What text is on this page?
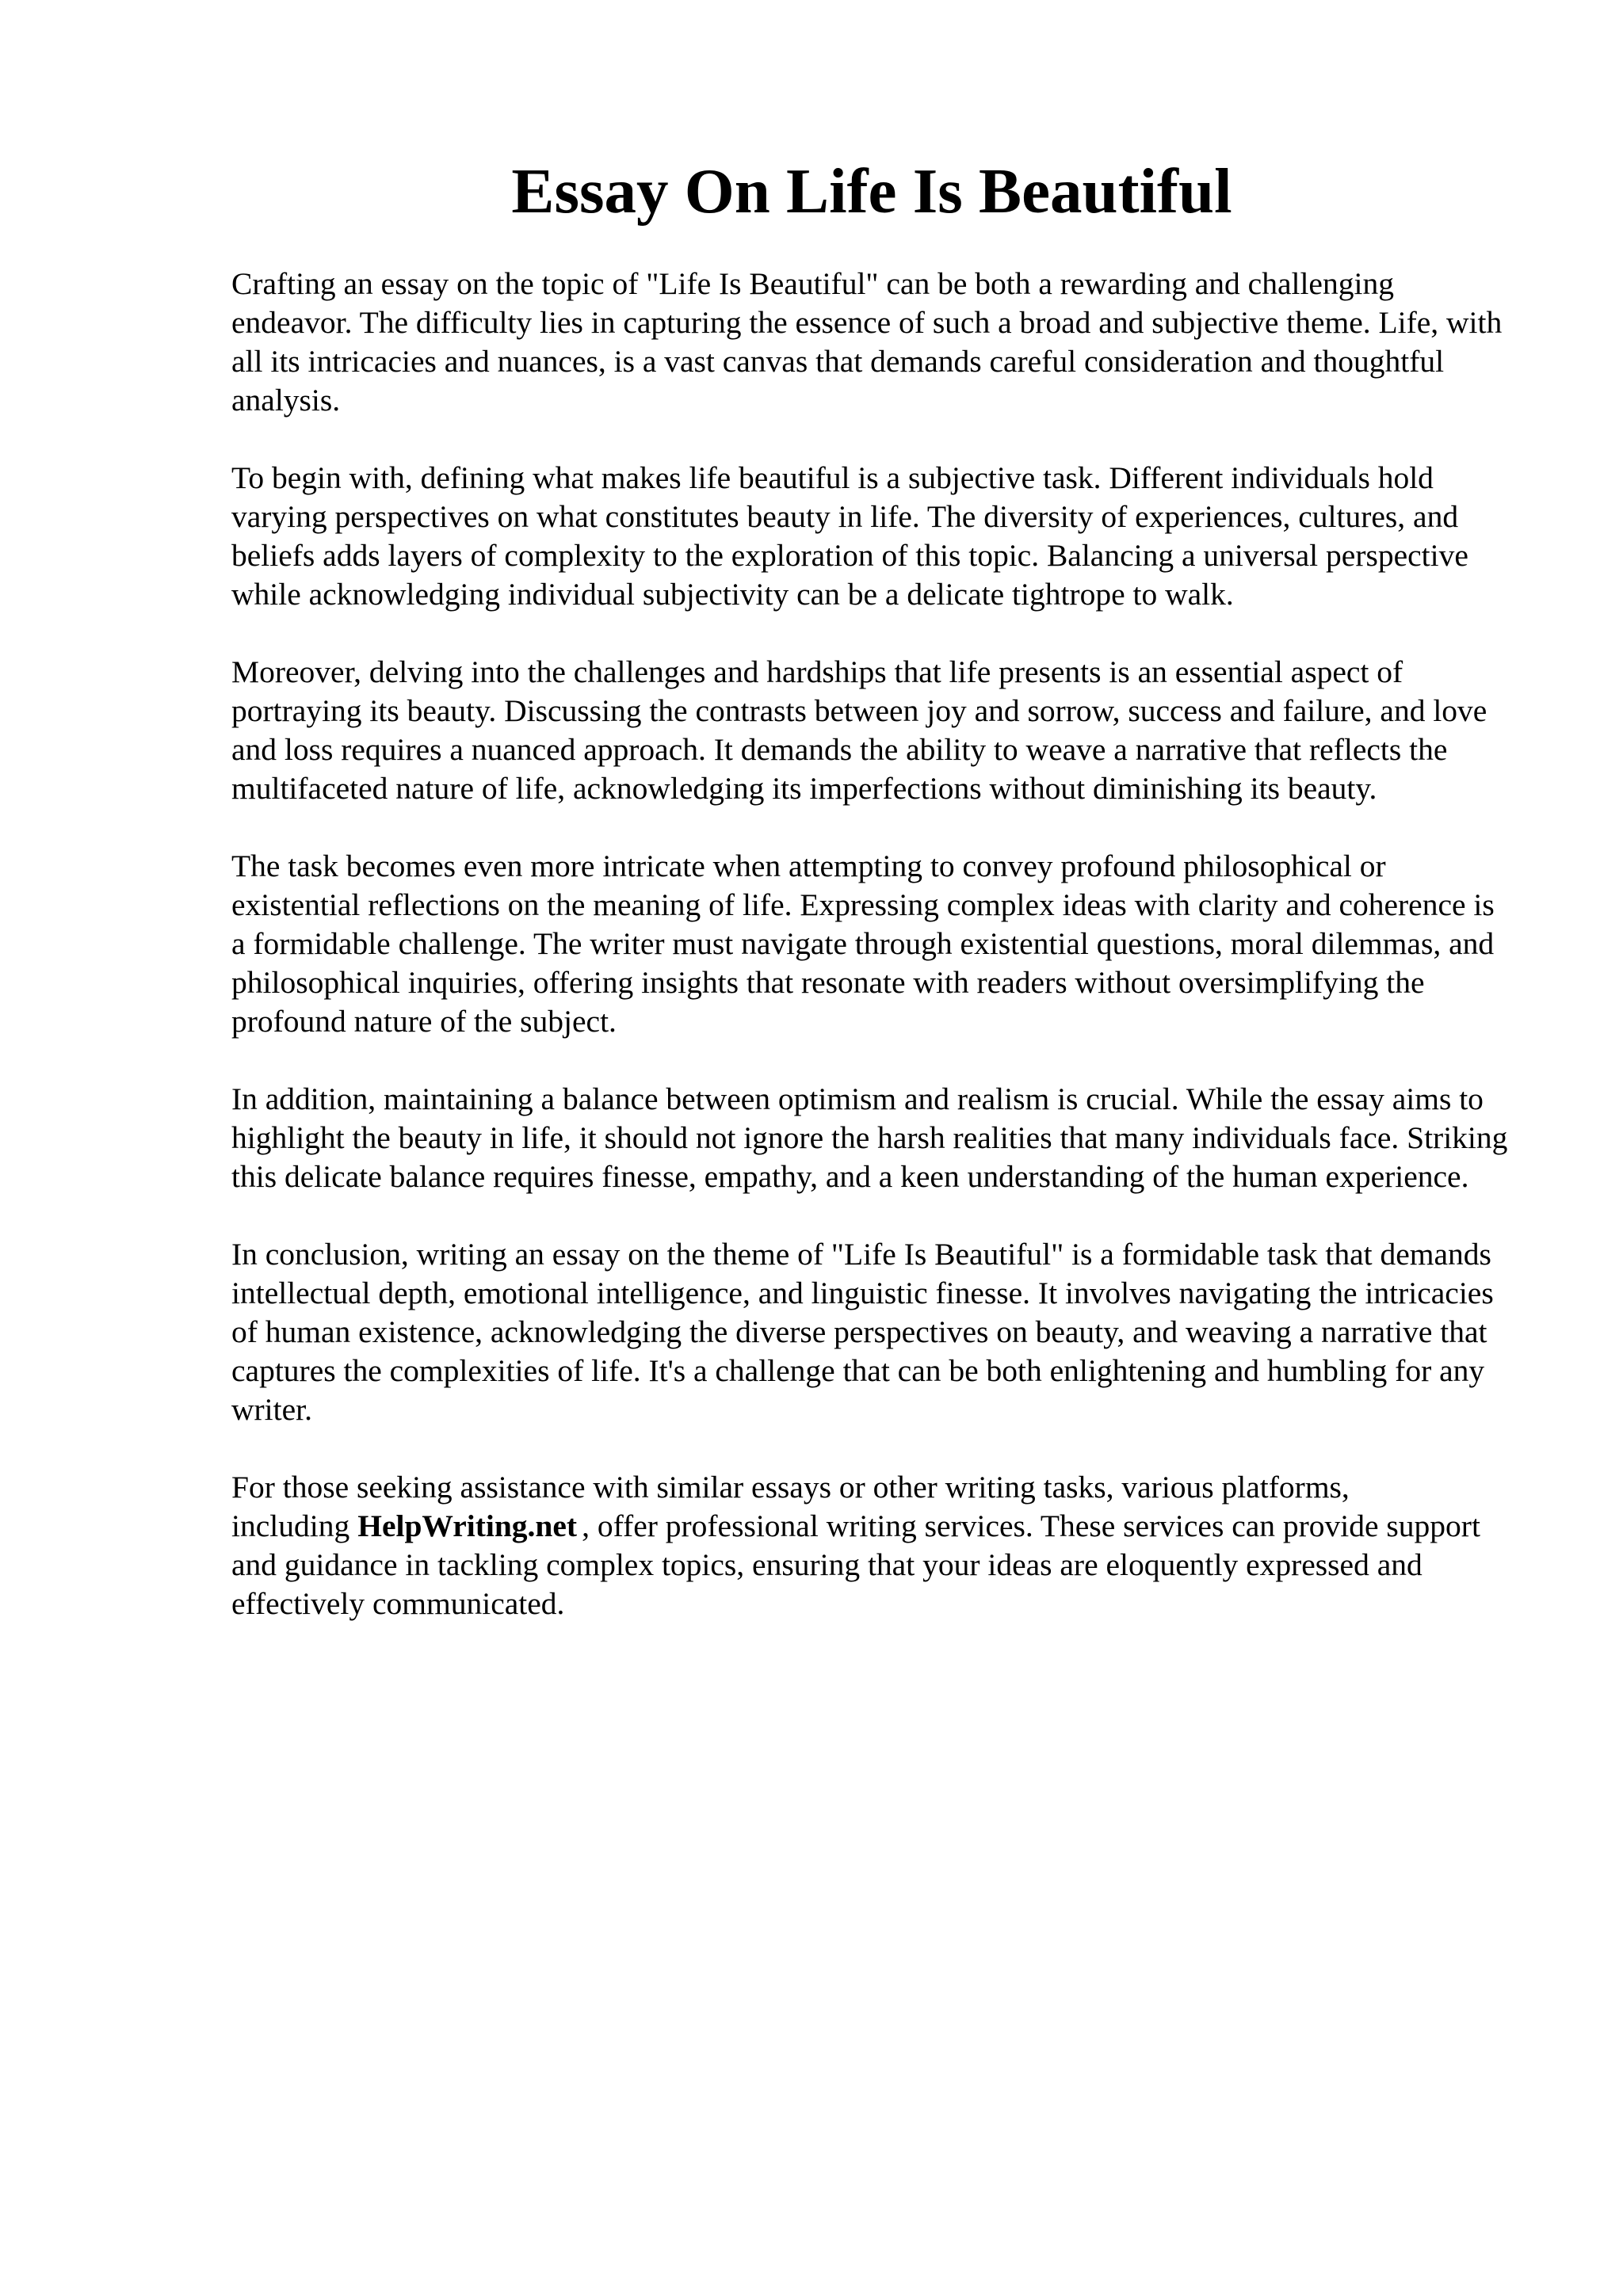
Essay On Life Is Beautiful

Crafting an essay on the topic of "Life Is Beautiful" can be both a rewarding and challenging endeavor. The difficulty lies in capturing the essence of such a broad and subjective theme. Life, with all its intricacies and nuances, is a vast canvas that demands careful consideration and thoughtful analysis.

To begin with, defining what makes life beautiful is a subjective task. Different individuals hold varying perspectives on what constitutes beauty in life. The diversity of experiences, cultures, and beliefs adds layers of complexity to the exploration of this topic. Balancing a universal perspective while acknowledging individual subjectivity can be a delicate tightrope to walk.

Moreover, delving into the challenges and hardships that life presents is an essential aspect of portraying its beauty. Discussing the contrasts between joy and sorrow, success and failure, and love and loss requires a nuanced approach. It demands the ability to weave a narrative that reflects the multifaceted nature of life, acknowledging its imperfections without diminishing its beauty.

The task becomes even more intricate when attempting to convey profound philosophical or existential reflections on the meaning of life. Expressing complex ideas with clarity and coherence is a formidable challenge. The writer must navigate through existential questions, moral dilemmas, and philosophical inquiries, offering insights that resonate with readers without oversimplifying the profound nature of the subject.

In addition, maintaining a balance between optimism and realism is crucial. While the essay aims to highlight the beauty in life, it should not ignore the harsh realities that many individuals face. Striking this delicate balance requires finesse, empathy, and a keen understanding of the human experience.

In conclusion, writing an essay on the theme of "Life Is Beautiful" is a formidable task that demands intellectual depth, emotional intelligence, and linguistic finesse. It involves navigating the intricacies of human existence, acknowledging the diverse perspectives on beauty, and weaving a narrative that captures the complexities of life. It's a challenge that can be both enlightening and humbling for any writer.

For those seeking assistance with similar essays or other writing tasks, various platforms, including HelpWriting.net , offer professional writing services. These services can provide support and guidance in tackling complex topics, ensuring that your ideas are eloquently expressed and effectively communicated.
